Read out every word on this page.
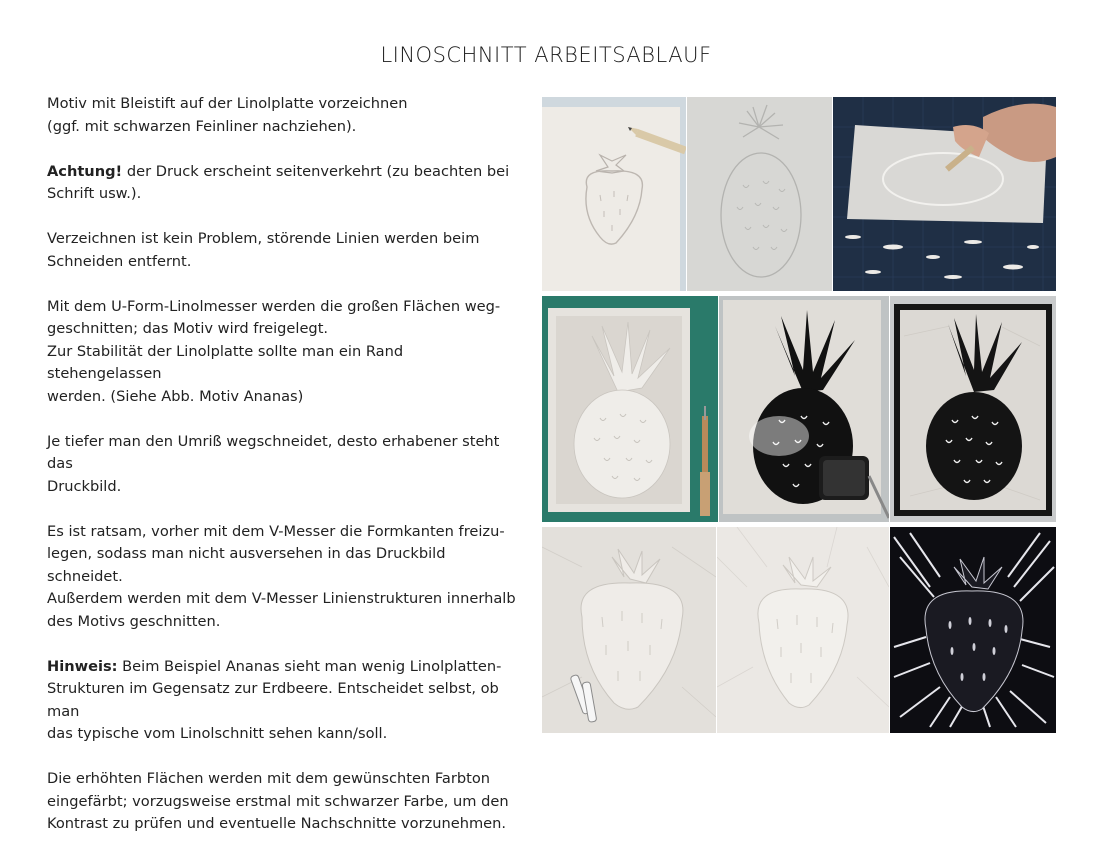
LINOSCHNITT ARBEITSABLAUF

Motiv mit Bleistift auf der Linolplatte vorzeichnen
(ggf. mit schwarzen Feinliner nachziehen).

Achtung! der Druck erscheint seitenverkehrt (zu beachten bei
Schrift usw.).

Verzeichnen ist kein Problem, störende Linien werden beim
Schneiden entfernt.

Mit dem U-Form-Linolmesser werden die großen Flächen weg-
geschnitten; das Motiv wird freigelegt.
Zur Stabilität der Linolplatte sollte man ein Rand stehengelassen
werden. (Siehe Abb. Motiv Ananas)

Je tiefer man den Umriß wegschneidet, desto erhabener steht das
Druckbild.

Es ist ratsam, vorher mit dem V-Messer die Formkanten freizu-
legen, sodass man nicht ausversehen in das Druckbild schneidet.
Außerdem werden mit dem V-Messer Linienstrukturen innerhalb
des Motivs geschnitten.

Hinweis: Beim Beispiel Ananas sieht man wenig Linolplatten-
Strukturen im Gegensatz zur Erdbeere. Entscheidet selbst, ob man
das typische vom Linolschnitt sehen kann/soll.

Die erhöhten Flächen werden mit dem gewünschten Farbton
eingefärbt; vorzugsweise erstmal mit schwarzer Farbe, um den
Kontrast zu prüfen und eventuelle Nachschnitte vorzunehmen.
